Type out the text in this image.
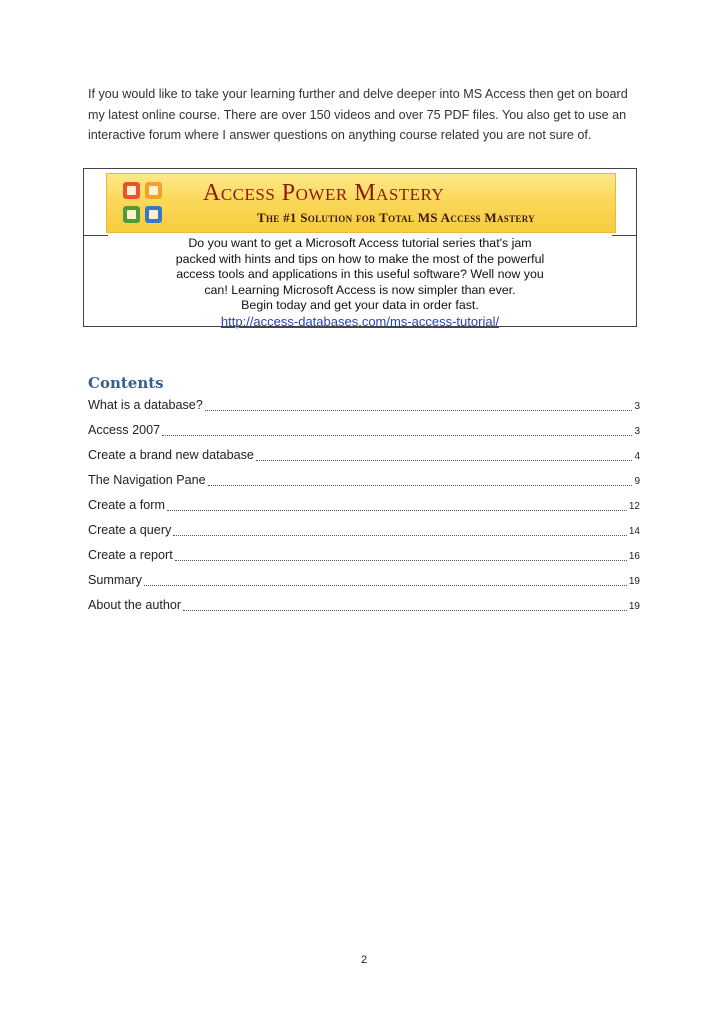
If you would like to take your learning further and delve deeper into MS Access then get on board my latest online course. There are over 150 videos and over 75 PDF files. You also get to use an interactive forum where I answer questions on anything course related you are not sure of.
Access Power Mastery
The #1 Solution for Total MS Access Mastery

Do you want to get a Microsoft Access tutorial series that's jam

packed with hints and tips on how to make the most of the powerful

access tools and applications in this useful software? Well now you

can! Learning Microsoft Access is now simpler than ever.

Begin today and get your data in order fast.

http://access-databases.com/ms-access-tutorial/

Contents
What is a database?	3
Access 2007	3
Create a brand new database	4
The Navigation Pane	9
Create a form	12
Create a query	14
Create a report	16
Summary	19
About the author	19
2
